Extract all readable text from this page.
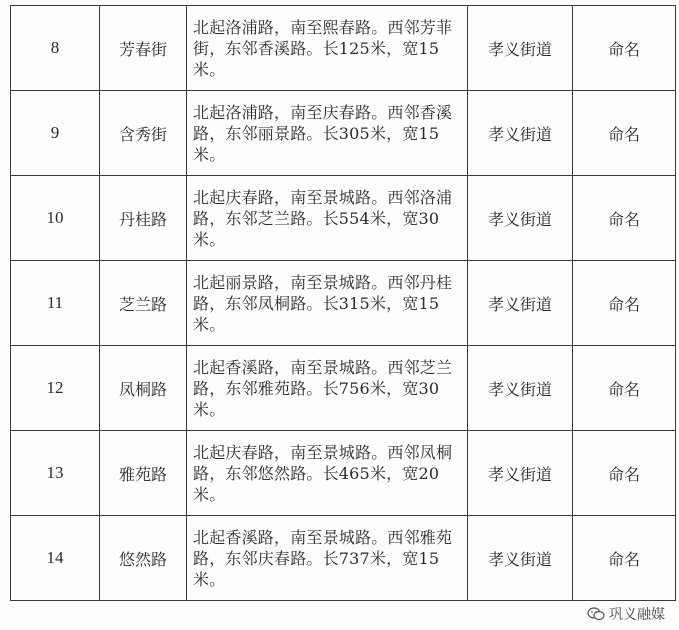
8	芳春街	北起洛浦路，南至熙春路。西邻芳菲街，东邻香溪路。长125米，宽15米。	孝义街道	命名
9	含秀街	北起洛浦路，南至庆春路。西邻香溪路，东邻丽景路。长305米，宽15米。	孝义街道	命名
10	丹桂路	北起庆春路，南至景城路。西邻洛浦路，东邻芝兰路。长554米，宽30米。	孝义街道	命名
11	芝兰路	北起丽景路，南至景城路。西邻丹桂路，东邻凤桐路。长315米，宽15米。	孝义街道	命名
12	凤桐路	北起香溪路，南至景城路。西邻芝兰路，东邻雅苑路。长756米，宽30米。	孝义街道	命名
13	雅苑路	北起庆春路，南至景城路。西邻凤桐路，东邻悠然路。长465米，宽20米。	孝义街道	命名
14	悠然路	北起香溪路，南至景城路。西邻雅苑路，东邻庆春路。长737米，宽15米。	孝义街道	命名
巩义融媒
